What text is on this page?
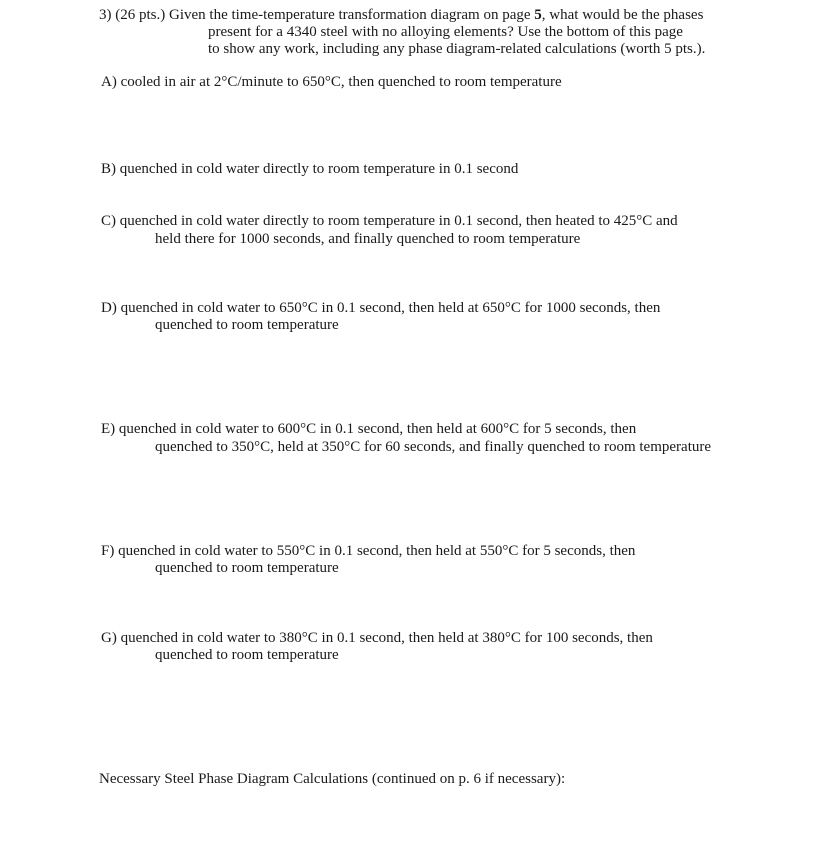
3) (26 pts.) Given the time-temperature transformation diagram on page 5, what would be the phases
present for a 4340 steel with no alloying elements? Use the bottom of this page
to show any work, including any phase diagram-related calculations (worth 5 pts.).
A) cooled in air at 2°C/minute to 650°C, then quenched to room temperature
B) quenched in cold water directly to room temperature in 0.1 second
C) quenched in cold water directly to room temperature in 0.1 second, then heated to 425°C and
held there for 1000 seconds, and finally quenched to room temperature
D) quenched in cold water to 650°C in 0.1 second, then held at 650°C for 1000 seconds, then
quenched to room temperature
E) quenched in cold water to 600°C in 0.1 second, then held at 600°C for 5 seconds, then
quenched to 350°C, held at 350°C for 60 seconds, and finally quenched to room temperature
F) quenched in cold water to 550°C in 0.1 second, then held at 550°C for 5 seconds, then
quenched to room temperature
G) quenched in cold water to 380°C in 0.1 second, then held at 380°C for 100 seconds, then
quenched to room temperature
Necessary Steel Phase Diagram Calculations (continued on p. 6 if necessary):
